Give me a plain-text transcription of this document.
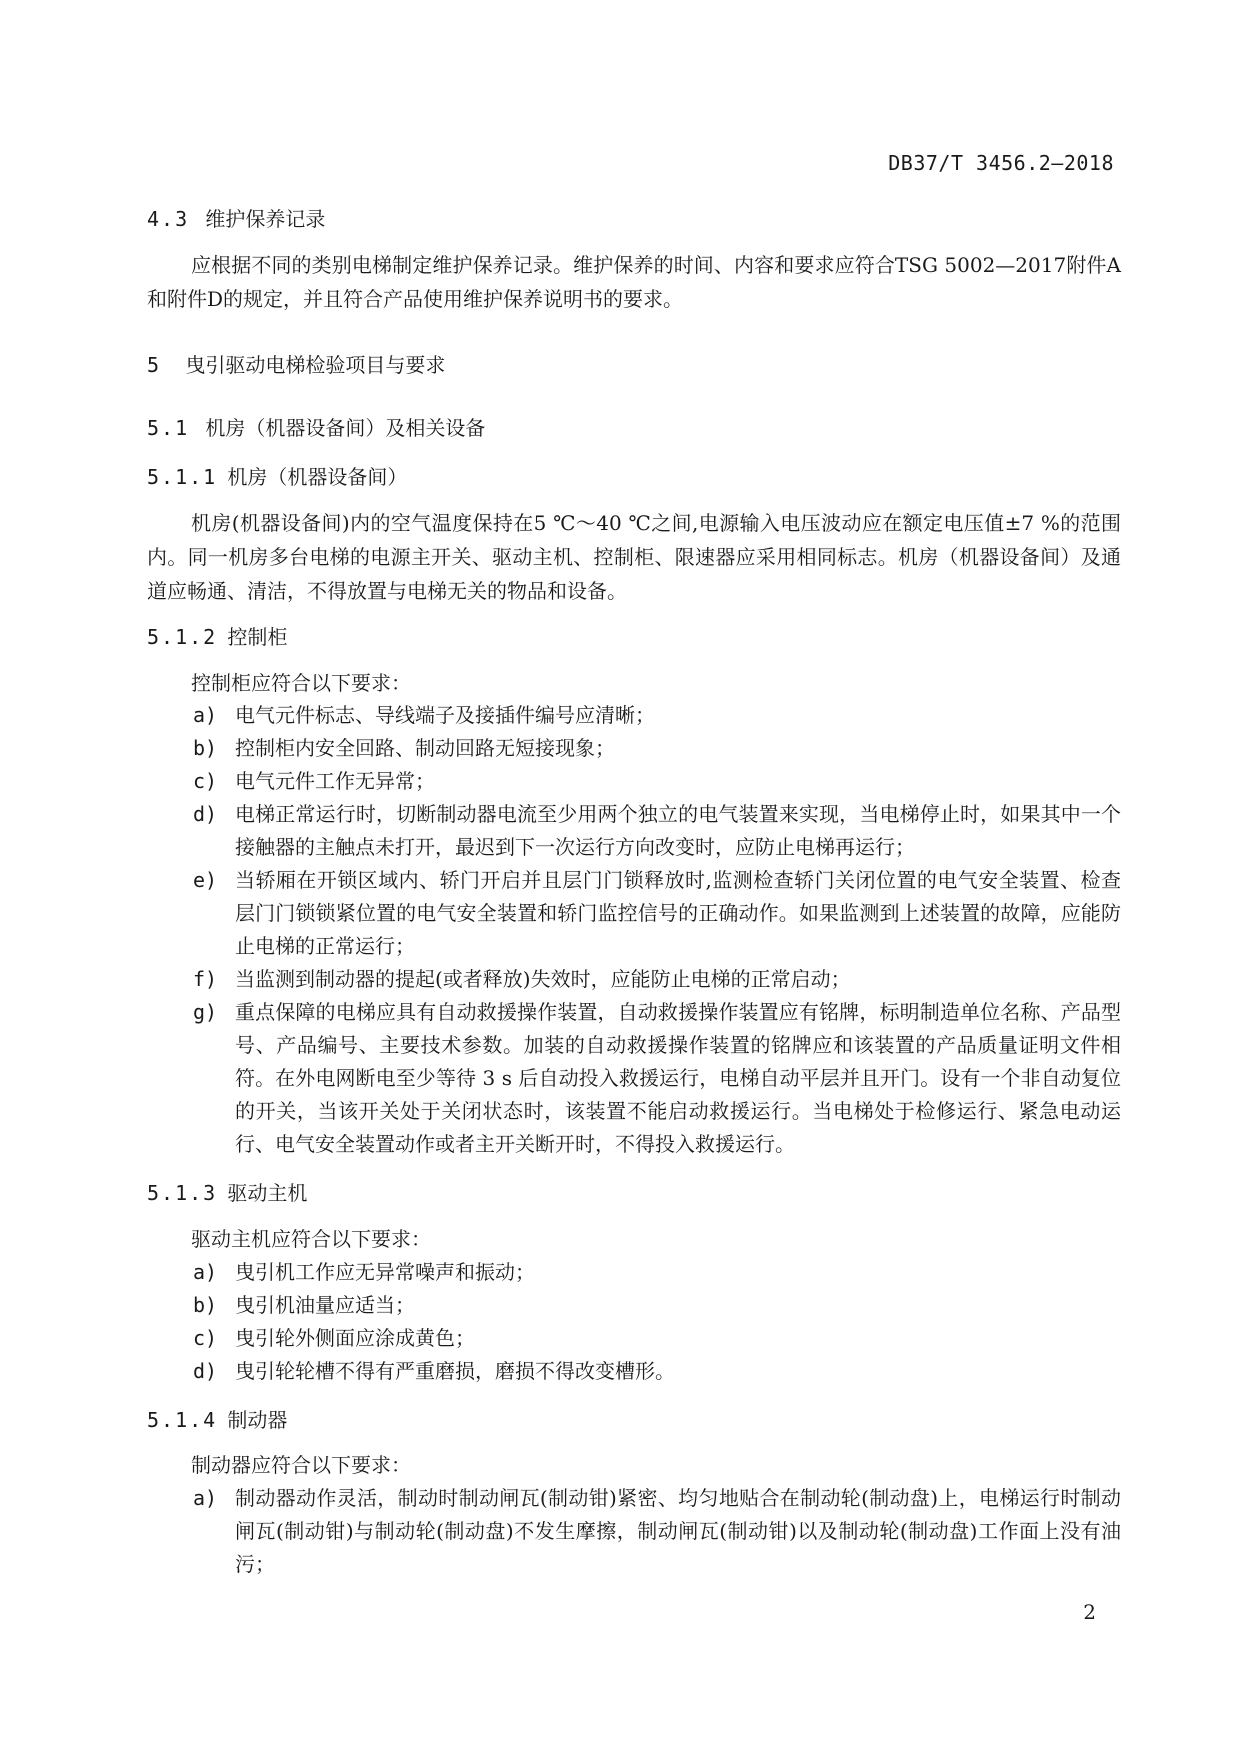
DB37/T 3456.2—2018
4.3 维护保养记录

应根据不同的类别电梯制定维护保养记录。维护保养的时间、内容和要求应符合TSG 5002—2017附件A和附件D的规定，并且符合产品使用维护保养说明书的要求。

5 曳引驱动电梯检验项目与要求
5.1 机房（机器设备间）及相关设备
5.1.1 机房（机器设备间）

机房(机器设备间)内的空气温度保持在5 ℃～40 ℃之间,电源输入电压波动应在额定电压值±7 %的范围内。同一机房多台电梯的电源主开关、驱动主机、控制柜、限速器应采用相同标志。机房（机器设备间）及通道应畅通、清洁，不得放置与电梯无关的物品和设备。

5.1.2 控制柜
控制柜应符合以下要求：
a) 电气元件标志、导线端子及接插件编号应清晰；
b) 控制柜内安全回路、制动回路无短接现象；
c) 电气元件工作无异常；
d) 电梯正常运行时，切断制动器电流至少用两个独立的电气装置来实现，当电梯停止时，如果其中一个接触器的主触点未打开，最迟到下一次运行方向改变时，应防止电梯再运行；
e) 当轿厢在开锁区域内、轿门开启并且层门门锁释放时,监测检查轿门关闭位置的电气安全装置、检查层门门锁锁紧位置的电气安全装置和轿门监控信号的正确动作。如果监测到上述装置的故障，应能防止电梯的正常运行；
f) 当监测到制动器的提起(或者释放)失效时，应能防止电梯的正常启动；
g) 重点保障的电梯应具有自动救援操作装置，自动救援操作装置应有铭牌，标明制造单位名称、产品型号、产品编号、主要技术参数。加装的自动救援操作装置的铭牌应和该装置的产品质量证明文件相符。在外电网断电至少等待 3 s 后自动投入救援运行，电梯自动平层并且开门。设有一个非自动复位的开关，当该开关处于关闭状态时，该装置不能启动救援运行。当电梯处于检修运行、紧急电动运行、电气安全装置动作或者主开关断开时，不得投入救援运行。
5.1.3 驱动主机
驱动主机应符合以下要求：
a) 曳引机工作应无异常噪声和振动；
b) 曳引机油量应适当；
c) 曳引轮外侧面应涂成黄色；
d) 曳引轮轮槽不得有严重磨损，磨损不得改变槽形。
5.1.4 制动器
制动器应符合以下要求：
a) 制动器动作灵活，制动时制动闸瓦(制动钳)紧密、均匀地贴合在制动轮(制动盘)上，电梯运行时制动闸瓦(制动钳)与制动轮(制动盘)不发生摩擦，制动闸瓦(制动钳)以及制动轮(制动盘)工作面上没有油污；
2
